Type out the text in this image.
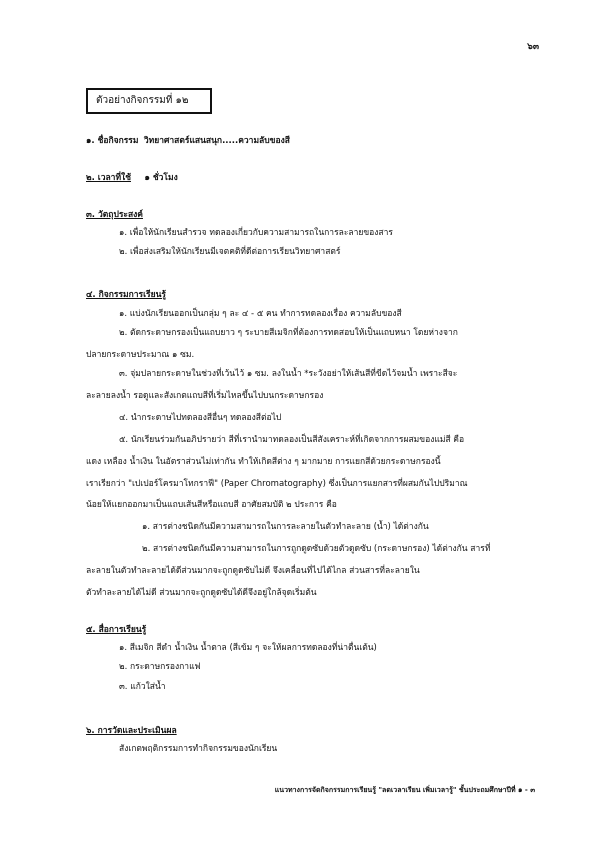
๖๓
ตัวอย่างกิจกรรมที่ ๑๒
๑. ชื่อกิจกรรม วิทยาศาสตร์แสนสนุก.....ความลับของสี
๒. เวลาที่ใช้ ๑ ชั่วโมง
๓. วัตถุประสงค์
๑. เพื่อให้นักเรียนสำรวจ ทดลองเกี่ยวกับความสามารถในการละลายของสาร
๒. เพื่อส่งเสริมให้นักเรียนมีเจตคติที่ดีต่อการเรียนวิทยาศาสตร์
๔. กิจกรรมการเรียนรู้
๑. แบ่งนักเรียนออกเป็นกลุ่ม ๆ ละ ๔ - ๕ คน ทำการทดลองเรื่อง ความลับของสี
๒. ตัดกระดาษกรองเป็นแถบยาว ๆ ระบายสีเมจิกที่ต้องการทดสอบให้เป็นแถบหนา โดยห่างจาก
ปลายกระดาษประมาณ ๑ ซม.
๓. จุ่มปลายกระดาษในช่วงที่เว้นไว้ ๑ ซม. ลงในน้ำ *ระวังอย่าให้เส้นสีที่ขีดไว้จมน้ำ เพราะสีจะ
ละลายลงน้ำ รอดูและสังเกตแถบสีที่เริ่มไหลขึ้นไปบนกระดาษกรอง
๔. นำกระดาษไปทดลองสีอื่นๆ ทดลองสีต่อไป
๕. นักเรียนร่วมกันอภิปรายว่า สีที่เรานำมาทดลองเป็นสีสังเคราะห์ที่เกิดจากการผสมของแม่สี คือ
แดง เหลือง น้ำเงิน ในอัตราส่วนไม่เท่ากัน ทำให้เกิดสีต่าง ๆ มากมาย การแยกสีด้วยกระดาษกรองนี้
เราเรียกว่า "เปเปอร์โครมาโทกราฟี" (Paper Chromatography) ซึ่งเป็นการแยกสารที่ผสมกันไปปริมาณ
น้อยให้แยกออกมาเป็นแถบเส้นสีหรือแถบสี อาศัยสมบัติ ๒ ประการ คือ
๑. สารต่างชนิดกันมีความสามารถในการละลายในตัวทำละลาย (น้ำ) ได้ต่างกัน
๒. สารต่างชนิดกันมีความสามารถในการถูกดูดซับด้วยตัวดูดซับ (กระดาษกรอง) ได้ต่างกัน สารที่
ละลายในตัวทำละลายได้ดีส่วนมากจะถูกดูดซับไม่ดี จึงเคลื่อนที่ไปได้ไกล ส่วนสารที่ละลายใน
ตัวทำละลายได้ไม่ดี ส่วนมากจะถูกดูดซับได้ดีจึงอยู่ใกล้จุดเริ่มต้น
๕. สื่อการเรียนรู้
๑. สีเมจิก สีดำ น้ำเงิน น้ำตาล (สีเข้ม ๆ จะให้ผลการทดลองที่น่าตื่นเต้น)
๒. กระดาษกรองกาแฟ
๓. แก้วใส่น้ำ
๖. การวัดและประเมินผล
สังเกตพฤติกรรมการทำกิจกรรมของนักเรียน
แนวทางการจัดกิจกรรมการเรียนรู้ "ลดเวลาเรียน เพิ่มเวลารู้" ชั้นประถมศึกษาปีที่ ๑ - ๓
